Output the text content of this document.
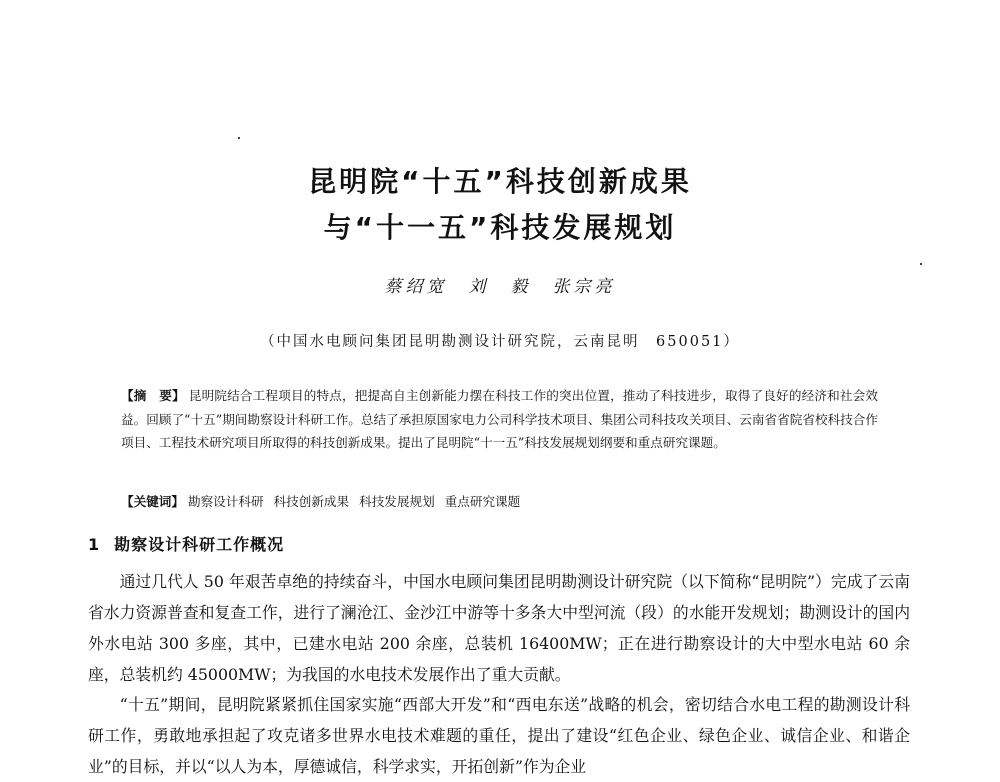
昆明院“十五”科技创新成果
与“十一五”科技发展规划
蔡绍宽　刘　毅　张宗亮
（中国水电顾问集团昆明勘测设计研究院，云南昆明　650051）

【摘　要】 昆明院结合工程项目的特点，把提高自主创新能力摆在科技工作的突出位置，推动了科技进步，取得了良好的经济和社会效益。回顾了“十五”期间勘察设计科研工作。总结了承担原国家电力公司科学技术项目、集团公司科技攻关项目、云南省省院省校科技合作项目、工程技术研究项目所取得的科技创新成果。提出了昆明院“十一五”科技发展规划纲要和重点研究课题。

【关键词】 勘察设计科研 科技创新成果 科技发展规划 重点研究课题

1 勘察设计科研工作概况

通过几代人 50 年艰苦卓绝的持续奋斗，中国水电顾问集团昆明勘测设计研究院（以下简称“昆明院”）完成了云南省水力资源普查和复查工作，进行了澜沧江、金沙江中游等十多条大中型河流（段）的水能开发规划；勘测设计的国内外水电站 300 多座，其中，已建水电站 200 余座，总装机 16400MW；正在进行勘察设计的大中型水电站 60 余座，总装机约 45000MW；为我国的水电技术发展作出了重大贡献。

“十五”期间，昆明院紧紧抓住国家实施“西部大开发”和“西电东送”战略的机会，密切结合水电工程的勘测设计科研工作，勇敢地承担起了攻克诸多世界水电技术难题的重任，提出了建设“红色企业、绿色企业、诚信企业、和谐企业”的目标，并以“以人为本，厚德诚信，科学求实，开拓创新”作为企业
